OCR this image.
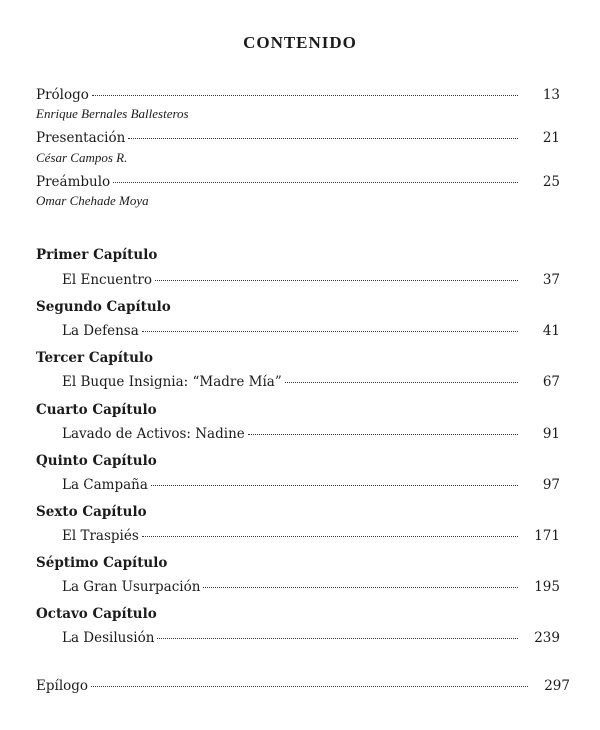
CONTENIDO
Prólogo	13
Enrique Bernales Ballesteros
Presentación	21
César Campos R.
Preámbulo	25
Omar Chehade Moya
Primer Capítulo
El Encuentro	37
Segundo Capítulo
La Defensa	41
Tercer Capítulo
El Buque Insignia: “Madre Mía”	67
Cuarto Capítulo
Lavado de Activos: Nadine	91
Quinto Capítulo
La Campaña	97
Sexto Capítulo
El Traspiés	171
Séptimo Capítulo
La Gran Usurpación	195
Octavo Capítulo
La Desilusión	239
Epílogo	297
